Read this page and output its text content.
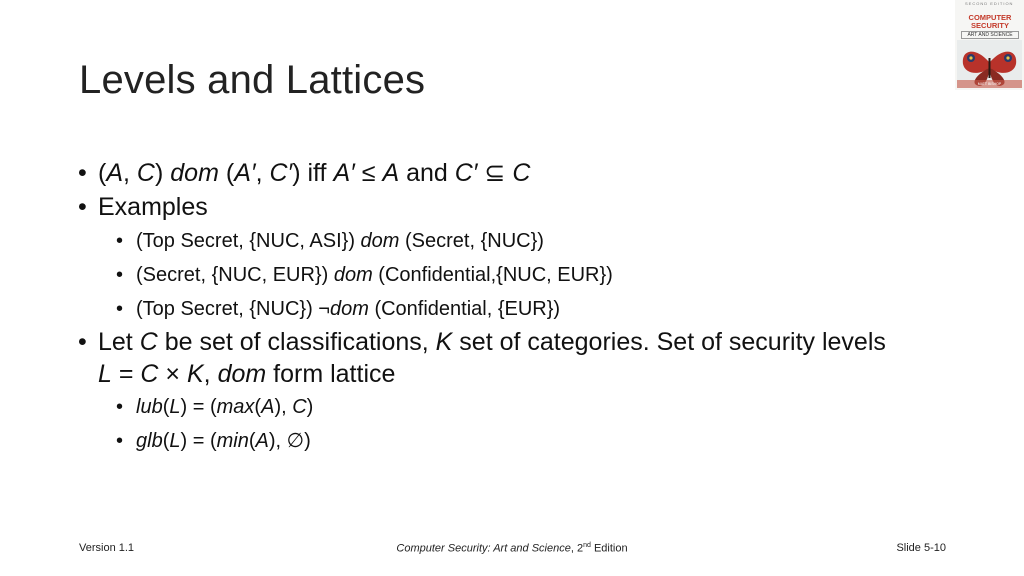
Levels and Lattices
SECOND EDITION
COMPUTER
SECURITY
ART AND SCIENCE
MATT BISHOP
• (A, C) dom (A′, C′) iff A′ ≤ A and C′ ⊆ C
• Examples
• (Top Secret, {NUC, ASI}) dom (Secret, {NUC})
• (Secret, {NUC, EUR}) dom (Confidential,{NUC, EUR})
• (Top Secret, {NUC}) ¬dom (Confidential, {EUR})
• Let C be set of classifications, K set of categories. Set of security levels
L = C × K, dom form lattice
• lub(L) = (max(A), C)
• glb(L) = (min(A), ∅)
Version 1.1	Computer Security: Art and Science, 2nd Edition	Slide 5-10
